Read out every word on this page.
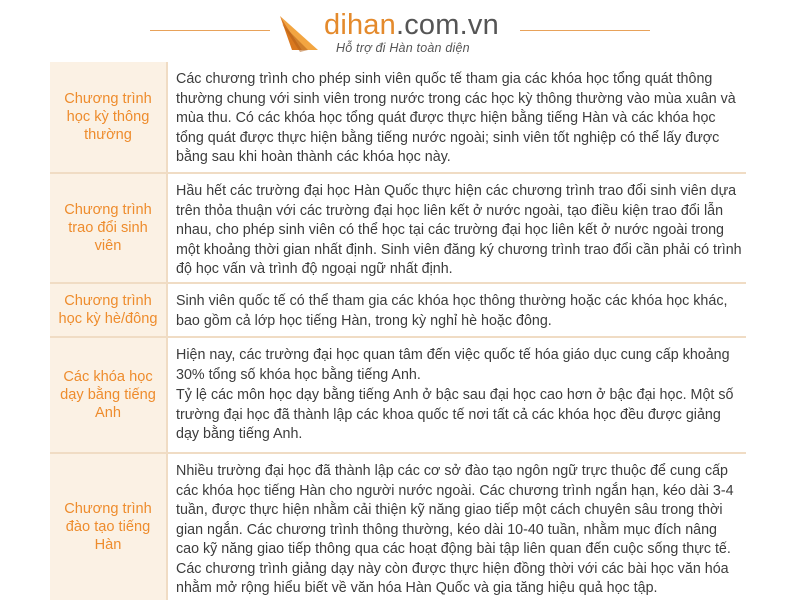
dihan.com.vn
Hỗ trợ đi Hàn toàn diện
Chương trình học kỳ thông thường

Các chương trình cho phép sinh viên quốc tế tham gia các khóa học tổng quát thông thường chung với sinh viên trong nước trong các học kỳ thông thường vào mùa xuân và mùa thu. Có các khóa học tổng quát được thực hiện bằng tiếng Hàn và các khóa học tổng quát được thực hiện bằng tiếng nước ngoài; sinh viên tốt nghiệp có thể lấy được bằng sau khi hoàn thành các khóa học này.

Chương trình trao đổi sinh viên

Hầu hết các trường đại học Hàn Quốc thực hiện các chương trình trao đổi sinh viên dựa trên thỏa thuận với các trường đại học liên kết ở nước ngoài, tạo điều kiện trao đổi lẫn nhau, cho phép sinh viên có thể học tại các trường đại học liên kết ở nước ngoài trong một khoảng thời gian nhất định. Sinh viên đăng ký chương trình trao đổi cần phải có trình độ học vấn và trình độ ngoại ngữ nhất định.

Chương trình học kỳ hè/đông

Sinh viên quốc tế có thể tham gia các khóa học thông thường hoặc các khóa học khác, bao gồm cả lớp học tiếng Hàn, trong kỳ nghỉ hè hoặc đông.

Các khóa học dạy bằng tiếng Anh

Hiện nay, các trường đại học quan tâm đến việc quốc tế hóa giáo dục cung cấp khoảng 30% tổng số khóa học bằng tiếng Anh.

Tỷ lệ các môn học dạy bằng tiếng Anh ở bậc sau đại học cao hơn ở bậc đại học. Một số trường đại học đã thành lập các khoa quốc tế nơi tất cả các khóa học đều được giảng dạy bằng tiếng Anh.

Chương trình đào tạo tiếng Hàn

Nhiều trường đại học đã thành lập các cơ sở đào tạo ngôn ngữ trực thuộc để cung cấp các khóa học tiếng Hàn cho người nước ngoài. Các chương trình ngắn hạn, kéo dài 3-4 tuần, được thực hiện nhằm cải thiện kỹ năng giao tiếp một cách chuyên sâu trong thời gian ngắn. Các chương trình thông thường, kéo dài 10-40 tuần, nhằm mục đích nâng cao kỹ năng giao tiếp thông qua các hoạt động bài tập liên quan đến cuộc sống thực tế. Các chương trình giảng dạy này còn được thực hiện đồng thời với các bài học văn hóa nhằm mở rộng hiểu biết về văn hóa Hàn Quốc và gia tăng hiệu quả học tập.
